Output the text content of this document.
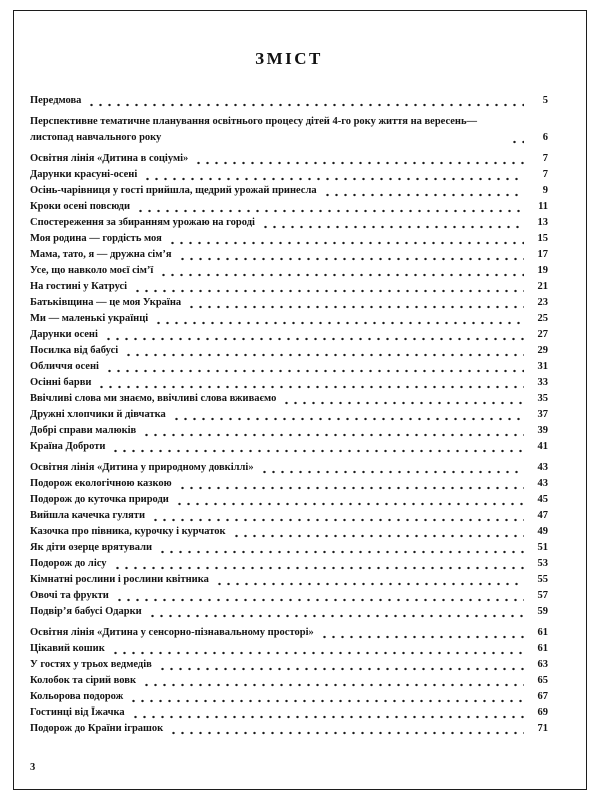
ЗМІСТ
Передмова	5
Перспективне тематичне планування освітнього процесу дітей 4-го року життя на вересень—листопад навчального року	6
Освітня лінія «Дитина в соціумі»	7
Дарунки красуні-осені	7
Осінь-чарівниця у гості прийшла, щедрий урожай принесла	9
Кроки осені повсюди	11
Спостереження за збиранням урожаю на городі	13
Моя родина — гордість моя	15
Мама, тато, я — дружна сім’я	17
Усе, що навколо моєї сім’ї	19
На гостині у Катрусі	21
Батьківщина — це моя Україна	23
Ми — маленькі українці	25
Дарунки осені	27
Посилка від бабусі	29
Обличчя осені	31
Осінні барви	33
Ввічливі слова ми знаємо, ввічливі слова вживаємо	35
Дружні хлопчики й дівчатка	37
Добрі справи малюків	39
Країна Доброти	41
Освітня лінія «Дитина у природному довкіллі»	43
Подорож екологічною казкою	43
Подорож до куточка природи	45
Вийшла качечка гуляти	47
Казочка про півника, курочку і курчаток	49
Як діти озерце врятували	51
Подорож до лісу	53
Кімнатні рослини і рослини квітника	55
Овочі та фрукти	57
Подвір’я бабусі Одарки	59
Освітня лінія «Дитина у сенсорно-пізнавальному просторі»	61
Цікавий кошик	61
У гостях у трьох ведмедів	63
Колобок та сірий вовк	65
Кольорова подорож	67
Гостинці від Їжачка	69
Подорож до Країни іграшок	71
3
